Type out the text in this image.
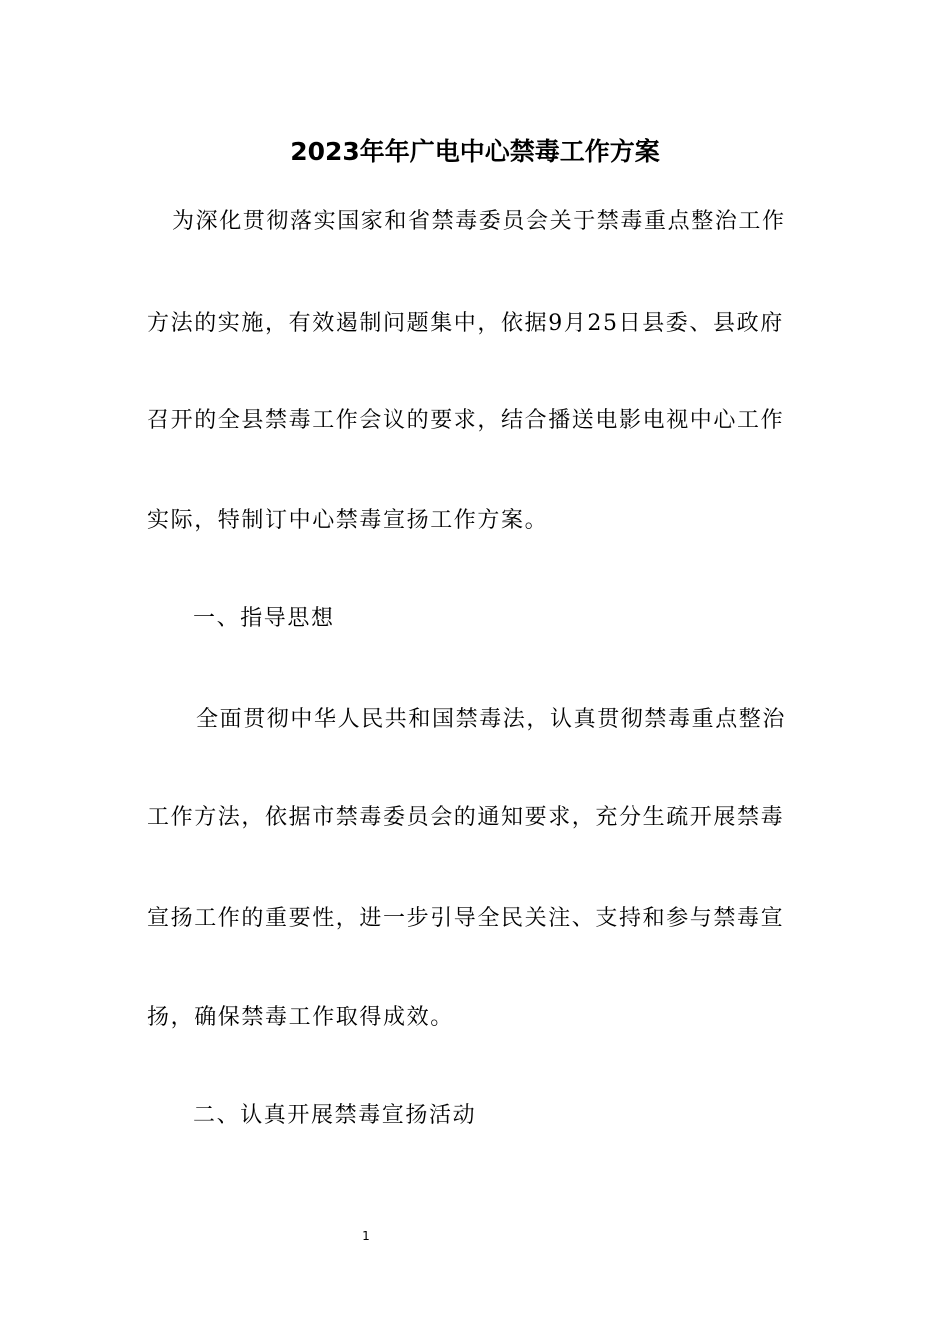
2023年年广电中心禁毒工作方案
为深化贯彻落实国家和省禁毒委员会关于禁毒重点整治工作
方法的实施，有效遏制问题集中，依据9月25日县委、县政府
召开的全县禁毒工作会议的要求，结合播送电影电视中心工作
实际，特制订中心禁毒宣扬工作方案。
一、指导思想
全面贯彻中华人民共和国禁毒法，认真贯彻禁毒重点整治
工作方法，依据市禁毒委员会的通知要求，充分生疏开展禁毒
宣扬工作的重要性，进一步引导全民关注、支持和参与禁毒宣
扬，确保禁毒工作取得成效。
二、认真开展禁毒宣扬活动
1
